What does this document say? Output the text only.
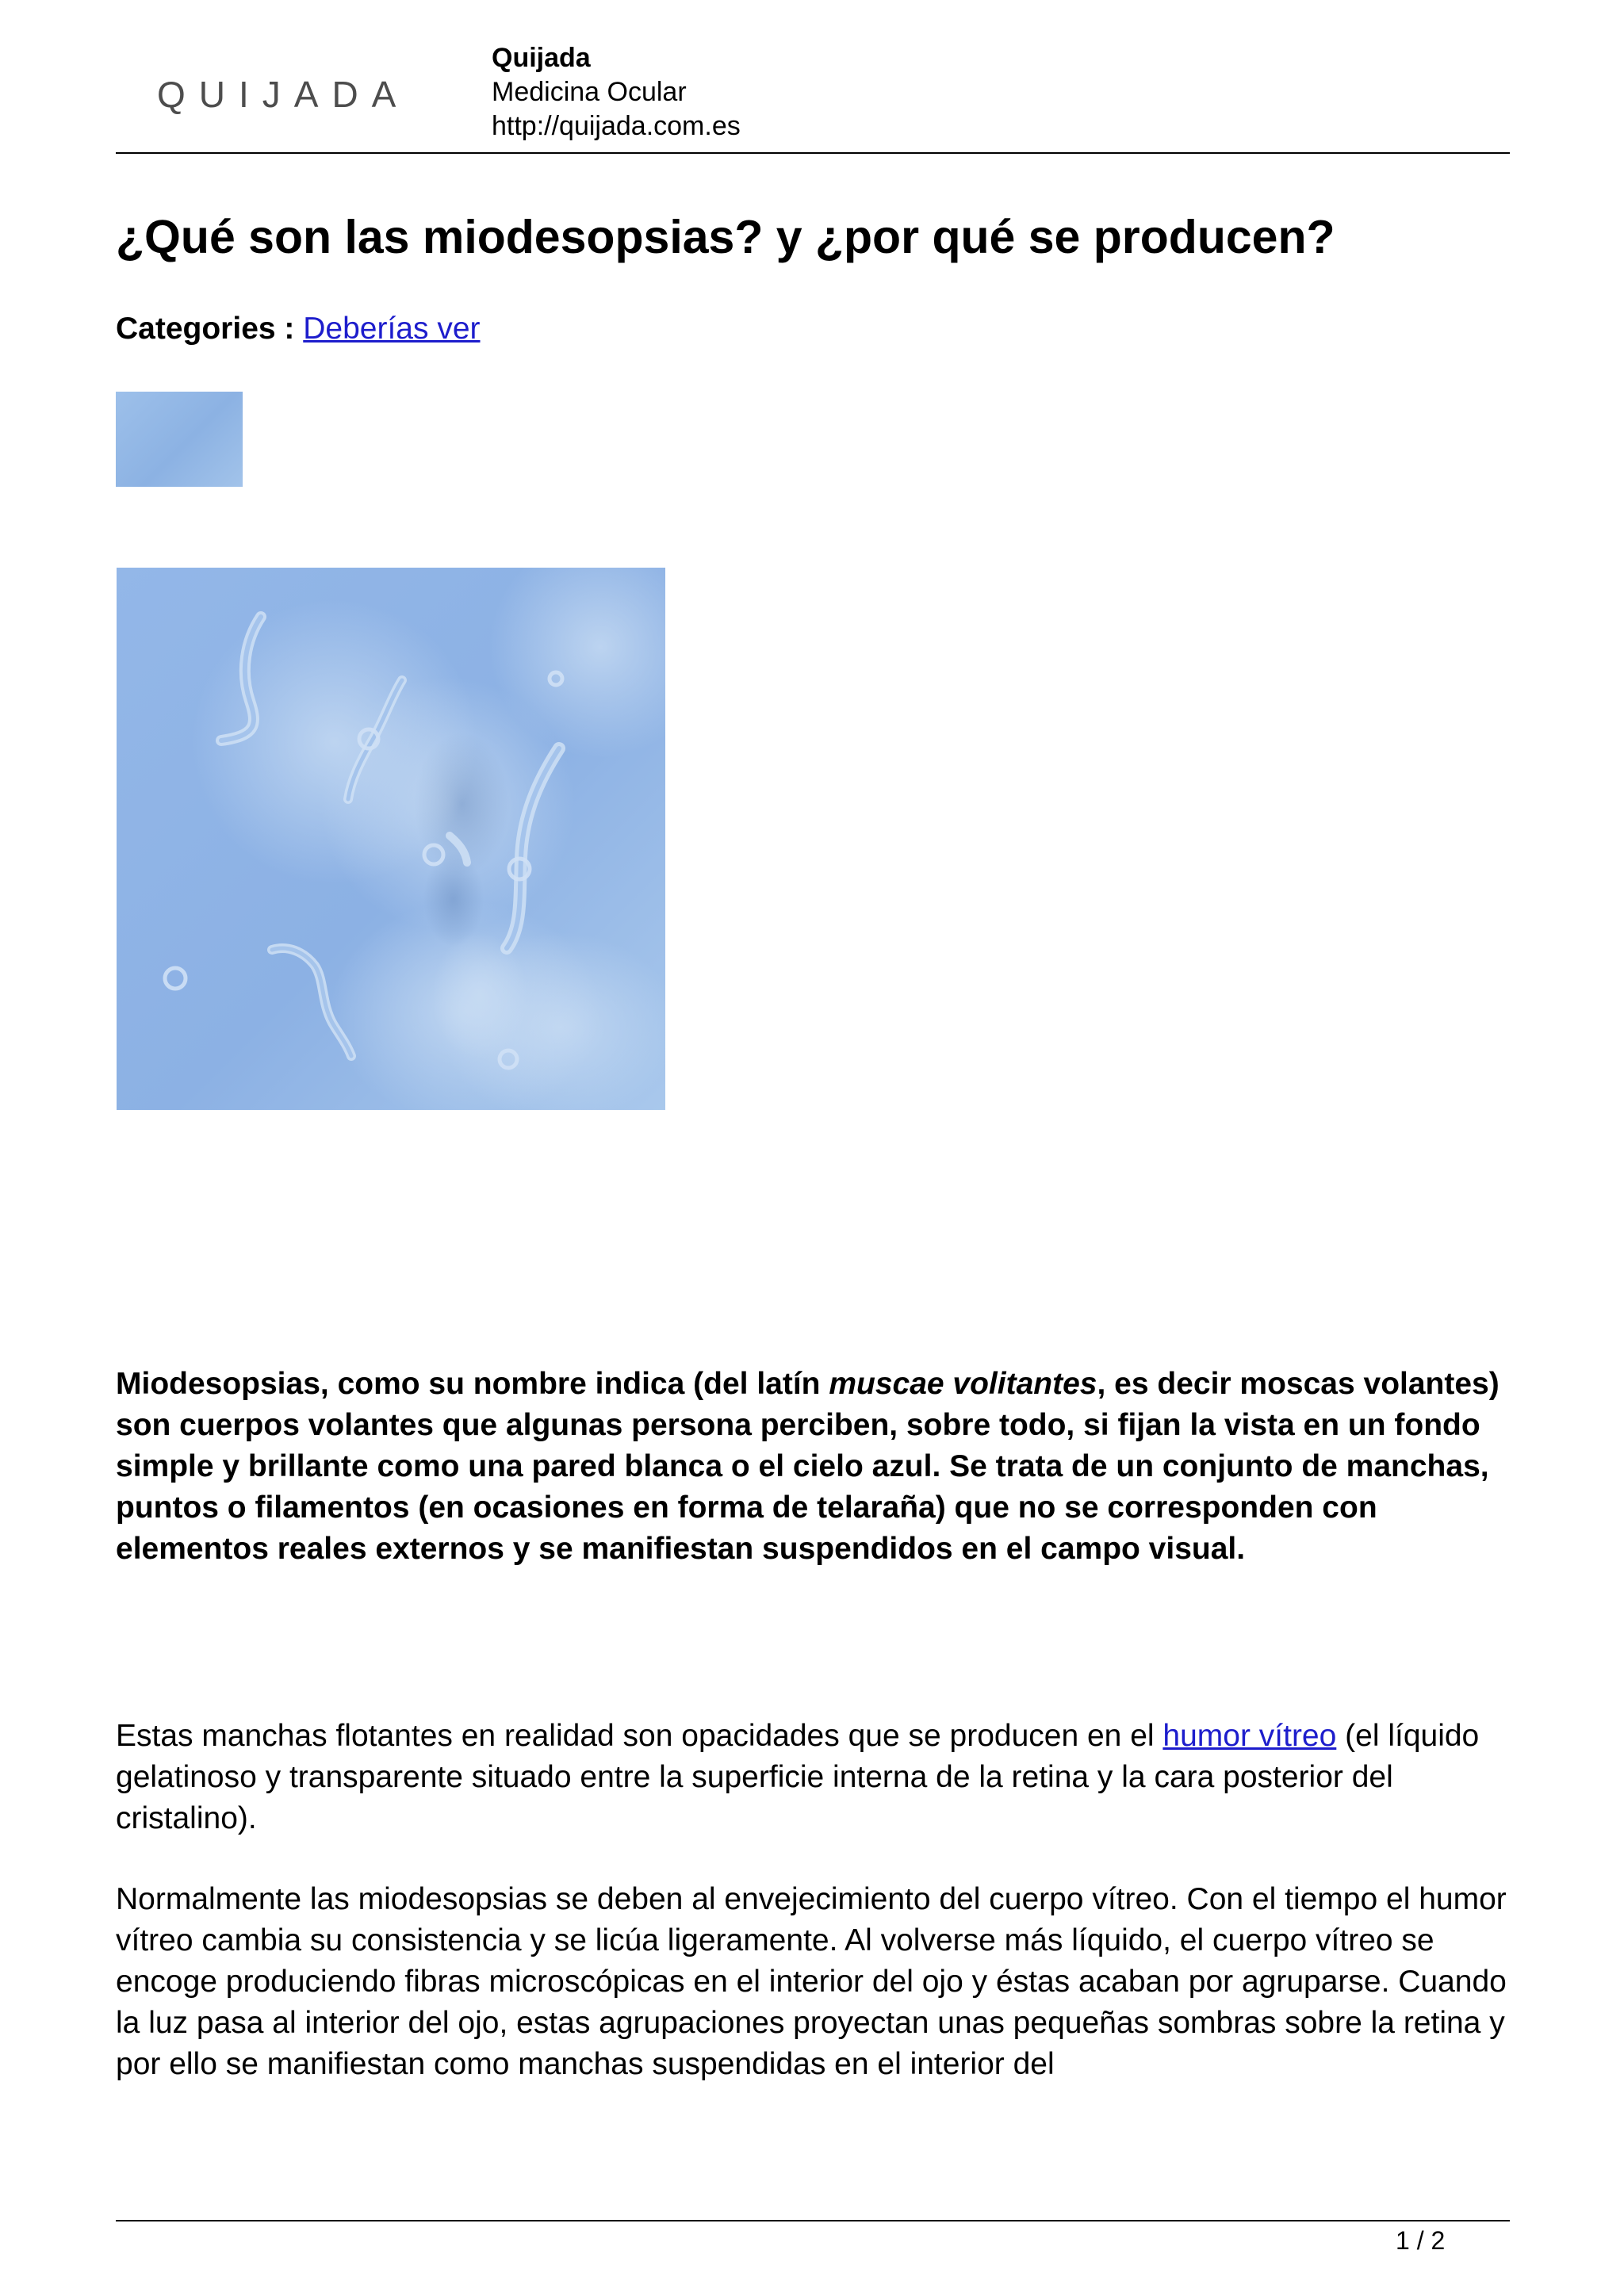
QUIJADA
Quijada
Medicina Ocular
http://quijada.com.es
¿Qué son las miodesopsias? y ¿por qué se producen?
Categories : Deberías ver

Miodesopsias, como su nombre indica (del latín muscae volitantes, es decir moscas volantes) son cuerpos volantes que algunas persona perciben, sobre todo, si fijan la vista en un fondo simple y brillante como una pared blanca o el cielo azul. Se trata de un conjunto de manchas, puntos o filamentos (en ocasiones en forma de telaraña) que no se corresponden con elementos reales externos y se manifiestan suspendidos en el campo visual.

Estas manchas flotantes en realidad son opacidades que se producen en el humor vítreo (el líquido gelatinoso y transparente situado entre la superficie interna de la retina y la cara posterior del cristalino).

Normalmente las miodesopsias se deben al envejecimiento del cuerpo vítreo. Con el tiempo el humor vítreo cambia su consistencia y se licúa ligeramente. Al volverse más líquido, el cuerpo vítreo se encoge produciendo fibras microscópicas en el interior del ojo y éstas acaban por agruparse. Cuando la luz pasa al interior del ojo, estas agrupaciones proyectan unas pequeñas sombras sobre la retina y por ello se manifiestan como manchas suspendidas en el interior del

1 / 2
